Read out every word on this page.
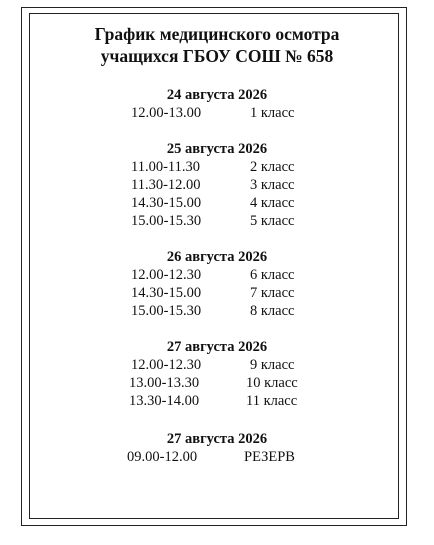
График медицинского осмотра
учащихся ГБОУ СОШ № 658
24 августа 2026
12.00-13.00	1 класс
25 августа 2026
11.00-11.30	2 класс
11.30-12.00	3 класс
14.30-15.00	4 класс
15.00-15.30	5 класс
26 августа 2026
12.00-12.30	6 класс
14.30-15.00	7 класс
15.00-15.30	8 класс
27 августа 2026
12.00-12.30	9 класс
13.00-13.30	10 класс
13.30-14.00	11 класс
27 августа 2026
09.00-12.00	РЕЗЕРВ
